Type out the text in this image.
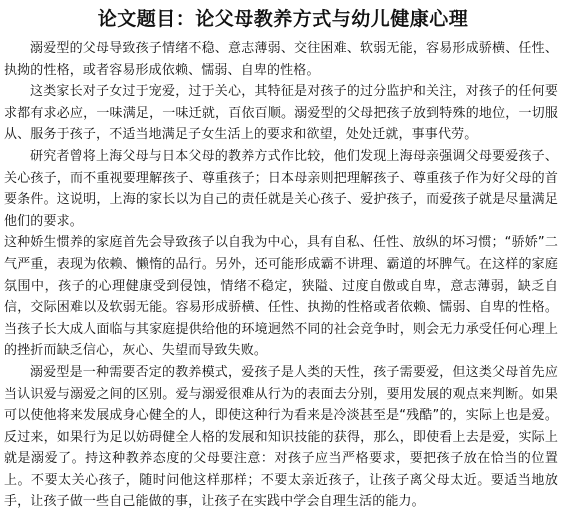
论文题目：论父母教养方式与幼儿健康心理

溺爱型的父母导致孩子情绪不稳、意志薄弱、交往困难、软弱无能，容易形成骄横、任性、执拗的性格，或者容易形成依赖、懦弱、自卑的性格。

这类家长对子女过于宠爱，过于关心，其特征是对孩子的过分监护和关注，对孩子的任何要求都有求必应，一味满足，一味迁就，百依百顺。溺爱型的父母把孩子放到特殊的地位，一切服从、服务于孩子，不适当地满足子女生活上的要求和欲望，处处迁就，事事代劳。

研究者曾将上海父母与日本父母的教养方式作比较，他们发现上海母亲强调父母要爱孩子、关心孩子，而不重视要理解孩子、尊重孩子；日本母亲则把理解孩子、尊重孩子作为好父母的首要条件。这说明，上海的家长以为自己的责任就是关心孩子、爱护孩子，而爱孩子就是尽量满足他们的要求。

这种娇生惯养的家庭首先会导致孩子以自我为中心，具有自私、任性、放纵的坏习惯；“骄娇”二气严重，表现为依赖、懒惰的品行。另外，还可能形成霸不讲理、霸道的坏脾气。在这样的家庭氛围中，孩子的心理健康受到侵蚀，情绪不稳定，狭隘、过度自傲或自卑，意志薄弱，缺乏自信，交际困难以及软弱无能。容易形成骄横、任性、执拗的性格或者依赖、懦弱、自卑的性格。当孩子长大成人面临与其家庭提供给他的环境迥然不同的社会竞争时，则会无力承受任何心理上的挫折而缺乏信心，灰心、失望而导致失败。

溺爱型是一种需要否定的教养模式，爱孩子是人类的天性，孩子需要爱，但这类父母首先应当认识爱与溺爱之间的区别。爱与溺爱很难从行为的表面去分别，要用发展的观点来判断。如果可以使他将来发展成身心健全的人，即使这种行为看来是冷淡甚至是“残酷”的，实际上也是爱。反过来，如果行为足以妨碍健全人格的发展和知识技能的获得，那么，即使看上去是爱，实际上就是溺爱了。持这种教养态度的父母要注意：对孩子应当严格要求，要把孩子放在恰当的位置上。不要太关心孩子，随时问他这样那样；不要太亲近孩子，让孩子离父母太近。要适当地放手，让孩子做一些自己能做的事，让孩子在实践中学会自理生活的能力。
